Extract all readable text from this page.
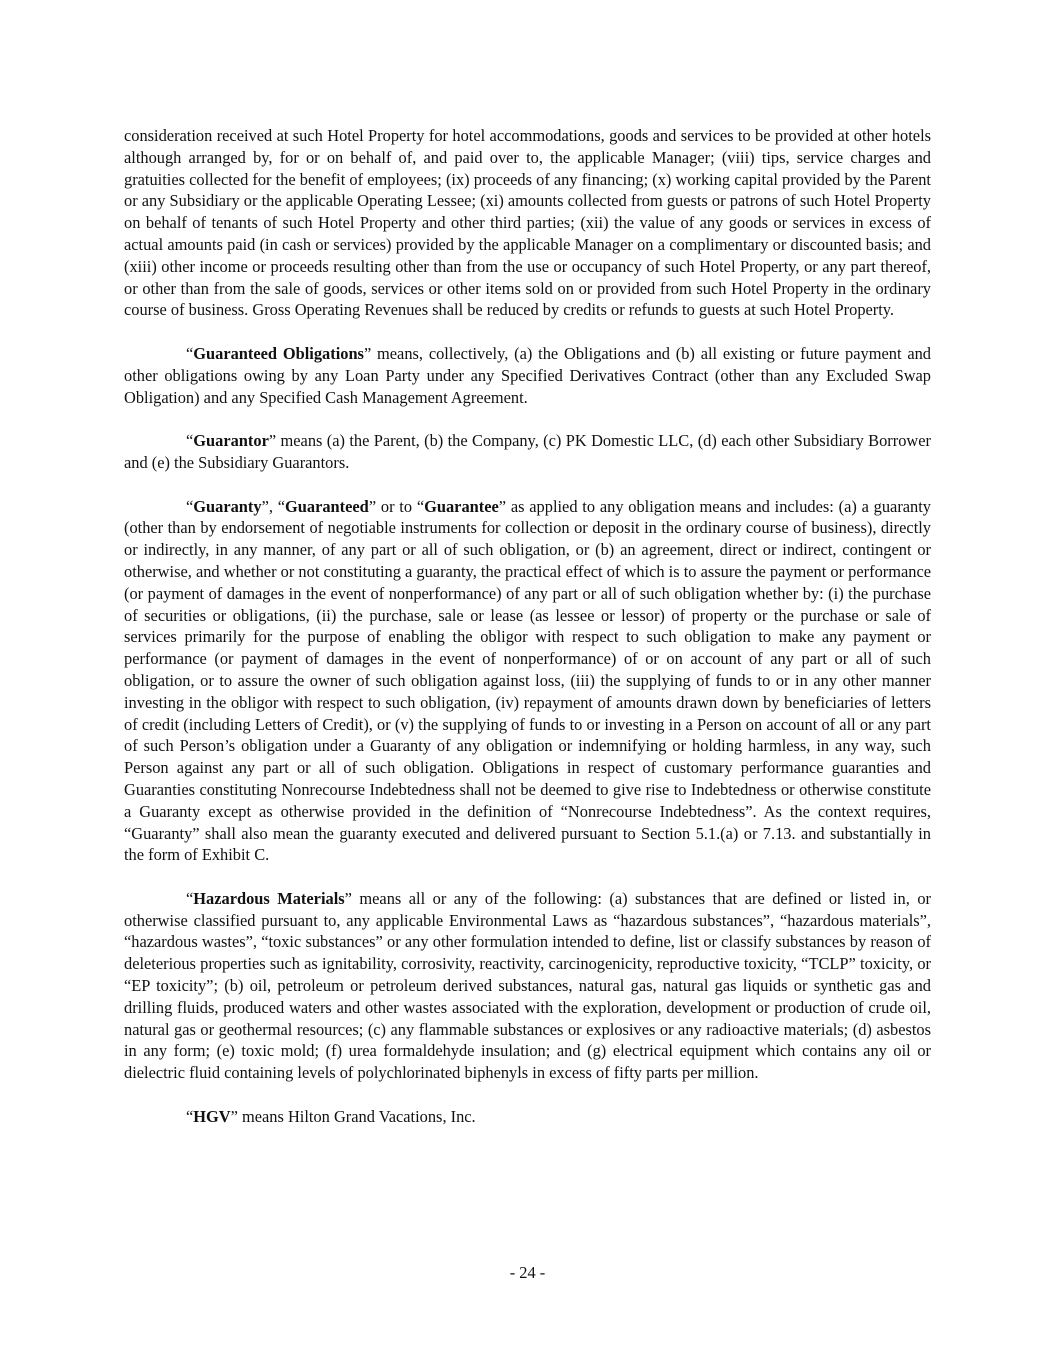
consideration received at such Hotel Property for hotel accommodations, goods and services to be provided at other hotels although arranged by, for or on behalf of, and paid over to, the applicable Manager; (viii) tips, service charges and gratuities collected for the benefit of employees; (ix) proceeds of any financing; (x) working capital provided by the Parent or any Subsidiary or the applicable Operating Lessee; (xi) amounts collected from guests or patrons of such Hotel Property on behalf of tenants of such Hotel Property and other third parties; (xii) the value of any goods or services in excess of actual amounts paid (in cash or services) provided by the applicable Manager on a complimentary or discounted basis; and (xiii) other income or proceeds resulting other than from the use or occupancy of such Hotel Property, or any part thereof, or other than from the sale of goods, services or other items sold on or provided from such Hotel Property in the ordinary course of business. Gross Operating Revenues shall be reduced by credits or refunds to guests at such Hotel Property.

“Guaranteed Obligations” means, collectively, (a) the Obligations and (b) all existing or future payment and other obligations owing by any Loan Party under any Specified Derivatives Contract (other than any Excluded Swap Obligation) and any Specified Cash Management Agreement.

“Guarantor” means (a) the Parent, (b) the Company, (c) PK Domestic LLC, (d) each other Subsidiary Borrower and (e) the Subsidiary Guarantors.

“Guaranty”, “Guaranteed” or to “Guarantee” as applied to any obligation means and includes: (a) a guaranty (other than by endorsement of negotiable instruments for collection or deposit in the ordinary course of business), directly or indirectly, in any manner, of any part or all of such obligation, or (b) an agreement, direct or indirect, contingent or otherwise, and whether or not constituting a guaranty, the practical effect of which is to assure the payment or performance (or payment of damages in the event of nonperformance) of any part or all of such obligation whether by: (i) the purchase of securities or obligations, (ii) the purchase, sale or lease (as lessee or lessor) of property or the purchase or sale of services primarily for the purpose of enabling the obligor with respect to such obligation to make any payment or performance (or payment of damages in the event of nonperformance) of or on account of any part or all of such obligation, or to assure the owner of such obligation against loss, (iii) the supplying of funds to or in any other manner investing in the obligor with respect to such obligation, (iv) repayment of amounts drawn down by beneficiaries of letters of credit (including Letters of Credit), or (v) the supplying of funds to or investing in a Person on account of all or any part of such Person’s obligation under a Guaranty of any obligation or indemnifying or holding harmless, in any way, such Person against any part or all of such obligation. Obligations in respect of customary performance guaranties and Guaranties constituting Nonrecourse Indebtedness shall not be deemed to give rise to Indebtedness or otherwise constitute a Guaranty except as otherwise provided in the definition of “Nonrecourse Indebtedness”. As the context requires, “Guaranty” shall also mean the guaranty executed and delivered pursuant to Section 5.1.(a) or 7.13. and substantially in the form of Exhibit C.

“Hazardous Materials” means all or any of the following: (a) substances that are defined or listed in, or otherwise classified pursuant to, any applicable Environmental Laws as “hazardous substances”, “hazardous materials”, “hazardous wastes”, “toxic substances” or any other formulation intended to define, list or classify substances by reason of deleterious properties such as ignitability, corrosivity, reactivity, carcinogenicity, reproductive toxicity, “TCLP” toxicity, or “EP toxicity”; (b) oil, petroleum or petroleum derived substances, natural gas, natural gas liquids or synthetic gas and drilling fluids, produced waters and other wastes associated with the exploration, development or production of crude oil, natural gas or geothermal resources; (c) any flammable substances or explosives or any radioactive materials; (d) asbestos in any form; (e) toxic mold; (f) urea formaldehyde insulation; and (g) electrical equipment which contains any oil or dielectric fluid containing levels of polychlorinated biphenyls in excess of fifty parts per million.

“HGV” means Hilton Grand Vacations, Inc.

- 24 -
